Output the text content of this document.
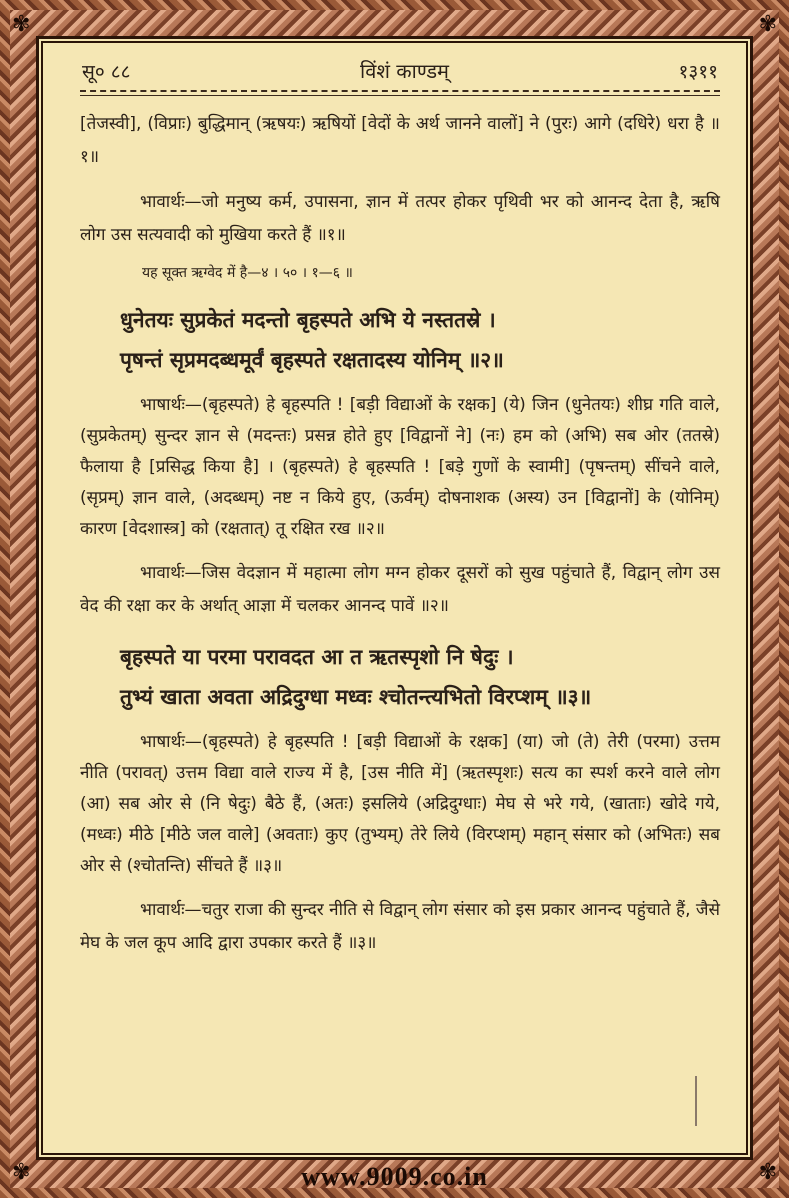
✾	✾
✾	✾
सू० ८८	विंशं काण्डम्	१३११

[तेजस्वी], (विप्राः) बुद्धिमान् (ऋषयः) ऋषियों [वेदों के अर्थ जानने वालों] ने (पुरः) आगे (दधिरे) धरा है ॥१॥

भावार्थः—जो मनुष्य कर्म, उपासना, ज्ञान में तत्पर होकर पृथिवी भर को आनन्द देता है, ऋषि लोग उस सत्यवादी को मुखिया करते हैं ॥१॥

यह सूक्त ऋग्वेद में है—४ । ५० । १—६ ॥

धुनेतयः सुप्रकेतं मदन्तो बृहस्पते अभि ये नस्ततस्रे ।

पृषन्तं सृप्रमदब्धमूर्वं बृहस्पते रक्षतादस्य योनिम् ॥२॥

भाषार्थः—(बृहस्पते) हे बृहस्पति ! [बड़ी विद्याओं के रक्षक] (ये) जिन (धुनेतयः) शीघ्र गति वाले, (सुप्रकेतम्) सुन्दर ज्ञान से (मदन्तः) प्रसन्न होते हुए [विद्वानों ने] (नः) हम को (अभि) सब ओर (ततस्रे) फैलाया है [प्रसिद्ध किया है] । (बृहस्पते) हे बृहस्पति ! [बड़े गुणों के स्वामी] (पृषन्तम्) सींचने वाले, (सृप्रम्) ज्ञान वाले, (अदब्धम्) नष्ट न किये हुए, (ऊर्वम्) दोषनाशक (अस्य) उन [विद्वानों] के (योनिम्) कारण [वेदशास्त्र] को (रक्षतात्) तू रक्षित रख ॥२॥

भावार्थः—जिस वेदज्ञान में महात्मा लोग मग्न होकर दूसरों को सुख पहुंचाते हैं, विद्वान् लोग उस वेद की रक्षा कर के अर्थात् आज्ञा में चलकर आनन्द पावें ॥२॥

बृहस्पते या परमा परावदत आ त ऋतस्पृशो नि षेदुः ।

तुभ्यं खाता अवता अद्रिदुग्धा मध्वः श्चोतन्त्यभितो विरप्शम् ॥३॥

भाषार्थः—(बृहस्पते) हे बृहस्पति ! [बड़ी विद्याओं के रक्षक] (या) जो (ते) तेरी (परमा) उत्तम नीति (परावत्) उत्तम विद्या वाले राज्य में है, [उस नीति में] (ऋतस्पृशः) सत्य का स्पर्श करने वाले लोग (आ) सब ओर से (नि षेदुः) बैठे हैं, (अतः) इसलिये (अद्रिदुग्धाः) मेघ से भरे गये, (खाताः) खोदे गये, (मध्वः) मीठे [मीठे जल वाले] (अवताः) कुए (तुभ्यम्) तेरे लिये (विरप्शम्) महान् संसार को (अभितः) सब ओर से (श्चोतन्ति) सींचते हैं ॥३॥

भावार्थः—चतुर राजा की सुन्दर नीति से विद्वान् लोग संसार को इस प्रकार आनन्द पहुंचाते हैं, जैसे मेघ के जल कूप आदि द्वारा उपकार करते हैं ॥३॥

www.9009.co.in
